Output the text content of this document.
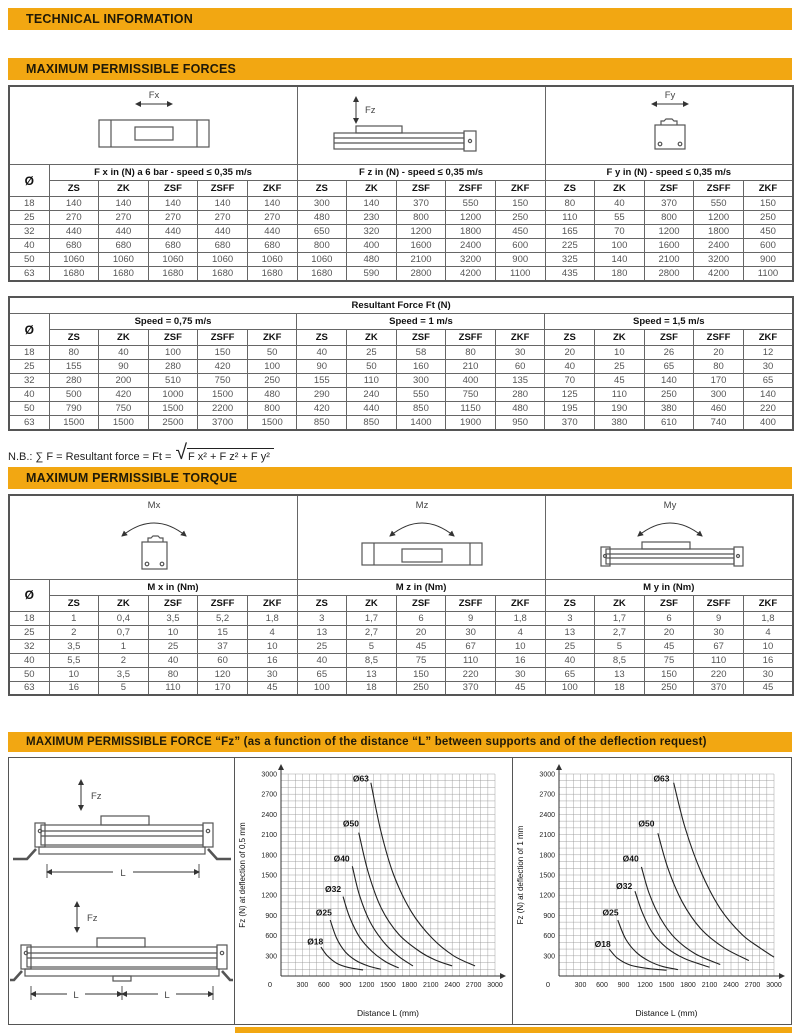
TECHNICAL INFORMATION
MAXIMUM PERMISSIBLE FORCES
Fx						Fz					Fy				

Ø	F x in (N) a 6 bar - speed ≤ 0,35 m/s					F z in (N) - speed ≤ 0,35 m/s					F y in (N) - speed ≤ 0,35 m/s				
	ZS	ZK	ZSF	ZSFF	ZKF	ZS	ZK	ZSF	ZSFF	ZKF	ZS	ZK	ZSF	ZSFF	ZKF
18	140	140	140	140	140	300	140	370	550	150	80	40	370	550	150
25	270	270	270	270	270	480	230	800	1200	250	110	55	800	1200	250
32	440	440	440	440	440	650	320	1200	1800	450	165	70	1200	1800	450
40	680	680	680	680	680	800	400	1600	2400	600	225	100	1600	2400	600
50	1060	1060	1060	1060	1060	1060	480	2100	3200	900	325	140	2100	3200	900
63	1680	1680	1680	1680	1680	1680	590	2800	4200	1100	435	180	2800	4200	1100
Resultant Force Ft (N)															
Ø	Speed = 0,75 m/s					Speed = 1 m/s					Speed = 1,5 m/s				
	ZS	ZK	ZSF	ZSFF	ZKF	ZS	ZK	ZSF	ZSFF	ZKF	ZS	ZK	ZSF	ZSFF	ZKF
18	80	40	100	150	50	40	25	58	80	30	20	10	26	20	12
25	155	90	280	420	100	90	50	160	210	60	40	25	65	80	30
32	280	200	510	750	250	155	110	300	400	135	70	45	140	170	65
40	500	420	1000	1500	480	290	240	550	750	280	125	110	250	300	140
50	790	750	1500	2200	800	420	440	850	1150	480	195	190	380	460	220
63	1500	1500	2500	3700	1500	850	850	1400	1900	950	370	380	610	740	400
N.B.: ∑ F = Resultant force = Ft = √ F x² + F z² + F y²
MAXIMUM PERMISSIBLE TORQUE
Mx						Mz					My				

Ø	M x in (Nm)					M z in (Nm)					M y in (Nm)				
	ZS	ZK	ZSF	ZSFF	ZKF	ZS	ZK	ZSF	ZSFF	ZKF	ZS	ZK	ZSF	ZSFF	ZKF
18	1	0,4	3,5	5,2	1,8	3	1,7	6	9	1,8	3	1,7	6	9	1,8
25	2	0,7	10	15	4	13	2,7	20	30	4	13	2,7	20	30	4
32	3,5	1	25	37	10	25	5	45	67	10	25	5	45	67	10
40	5,5	2	40	60	16	40	8,5	75	110	16	40	8,5	75	110	16
50	10	3,5	80	120	30	65	13	150	220	30	65	13	150	220	30
63	16	5	110	170	45	100	18	250	370	45	100	18	250	370	45
MAXIMUM PERMISSIBLE FORCE “Fz” (as a function of the distance “L” between supports and of the deflection request)
Fz
L
Fz
L	L
300
600
900
1200
1500
1800
2100
2400
2700
3000
300 600 900 1200 1500 1800 2100 2400 2700 3000
0
Distance L (mm)
Fz (N) at deflection of 0,5 mm
Ø18
Ø25
Ø32
Ø40
Ø50
Ø63
300
600
900
1200
1500
1800
2100
2400
2700
3000
300 600 900 1200 1500 1800 2100 2400 2700 3000
0
Distance L (mm)
Fz (N) at deflection of 1 mm
Ø18
Ø25
Ø32
Ø40
Ø50
Ø63
